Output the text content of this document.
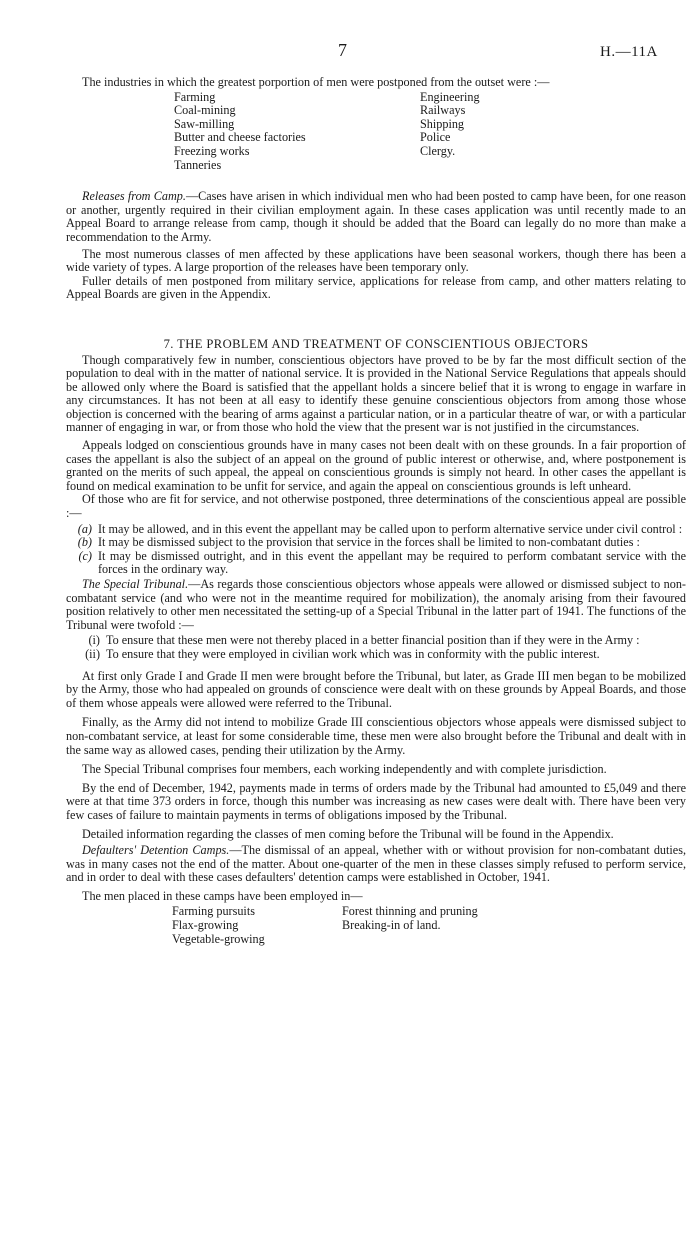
7	H.—11A

The industries in which the greatest porportion of men were postponed from the outset were :—

Farming
Coal-mining
Saw-milling
Butter and cheese factories
Freezing works
Tanneries
Engineering
Railways
Shipping
Police
Clergy.

Releases from Camp.—Cases have arisen in which individual men who had been posted to camp have been, for one reason or another, urgently required in their civilian employment again. In these cases application was until recently made to an Appeal Board to arrange release from camp, though it should be added that the Board can legally do no more than make a recommendation to the Army.

The most numerous classes of men affected by these applications have been seasonal workers, though there has been a wide variety of types. A large proportion of the releases have been temporary only.

Fuller details of men postponed from military service, applications for release from camp, and other matters relating to Appeal Boards are given in the Appendix.

7. THE PROBLEM AND TREATMENT OF CONSCIENTIOUS OBJECTORS

Though comparatively few in number, conscientious objectors have proved to be by far the most difficult section of the population to deal with in the matter of national service. It is provided in the National Service Regulations that appeals should be allowed only where the Board is satisfied that the appellant holds a sincere belief that it is wrong to engage in warfare in any circumstances. It has not been at all easy to identify these genuine conscientious objectors from among those whose objection is concerned with the bearing of arms against a particular nation, or in a particular theatre of war, or with a particular manner of engaging in war, or from those who hold the view that the present war is not justified in the circumstances.

Appeals lodged on conscientious grounds have in many cases not been dealt with on these grounds. In a fair proportion of cases the appellant is also the subject of an appeal on the ground of public interest or otherwise, and, where postponement is granted on the merits of such appeal, the appeal on conscientious grounds is simply not heard. In other cases the appellant is found on medical examination to be unfit for service, and again the appeal on conscientious grounds is left unheard.

Of those who are fit for service, and not otherwise postponed, three determinations of the conscientious appeal are possible :—

(a) It may be allowed, and in this event the appellant may be called upon to perform alternative service under civil control :

(b) It may be dismissed subject to the provision that service in the forces shall be limited to non-combatant duties :

(c) It may be dismissed outright, and in this event the appellant may be required to perform combatant service with the forces in the ordinary way.

The Special Tribunal.—As regards those conscientious objectors whose appeals were allowed or dismissed subject to non-combatant service (and who were not in the meantime required for mobilization), the anomaly arising from their favoured position relatively to other men necessitated the setting-up of a Special Tribunal in the latter part of 1941. The functions of the Tribunal were twofold :—

(i) To ensure that these men were not thereby placed in a better financial position than if they were in the Army :

(ii) To ensure that they were employed in civilian work which was in conformity with the public interest.

At first only Grade I and Grade II men were brought before the Tribunal, but later, as Grade III men began to be mobilized by the Army, those who had appealed on grounds of conscience were dealt with on these grounds by Appeal Boards, and those of them whose appeals were allowed were referred to the Tribunal.

Finally, as the Army did not intend to mobilize Grade III conscientious objectors whose appeals were dismissed subject to non-combatant service, at least for some considerable time, these men were also brought before the Tribunal and dealt with in the same way as allowed cases, pending their utilization by the Army.

The Special Tribunal comprises four members, each working independently and with complete jurisdiction.

By the end of December, 1942, payments made in terms of orders made by the Tribunal had amounted to £5,049 and there were at that time 373 orders in force, though this number was increasing as new cases were dealt with. There have been very few cases of failure to maintain payments in terms of obligations imposed by the Tribunal.

Detailed information regarding the classes of men coming before the Tribunal will be found in the Appendix.

Defaulters' Detention Camps.—The dismissal of an appeal, whether with or without provision for non-combatant duties, was in many cases not the end of the matter. About one-quarter of the men in these classes simply refused to perform service, and in order to deal with these cases defaulters' detention camps were established in October, 1941.

The men placed in these camps have been employed in—

Farming pursuits
Flax-growing
Vegetable-growing
Forest thinning and pruning
Breaking-in of land.
